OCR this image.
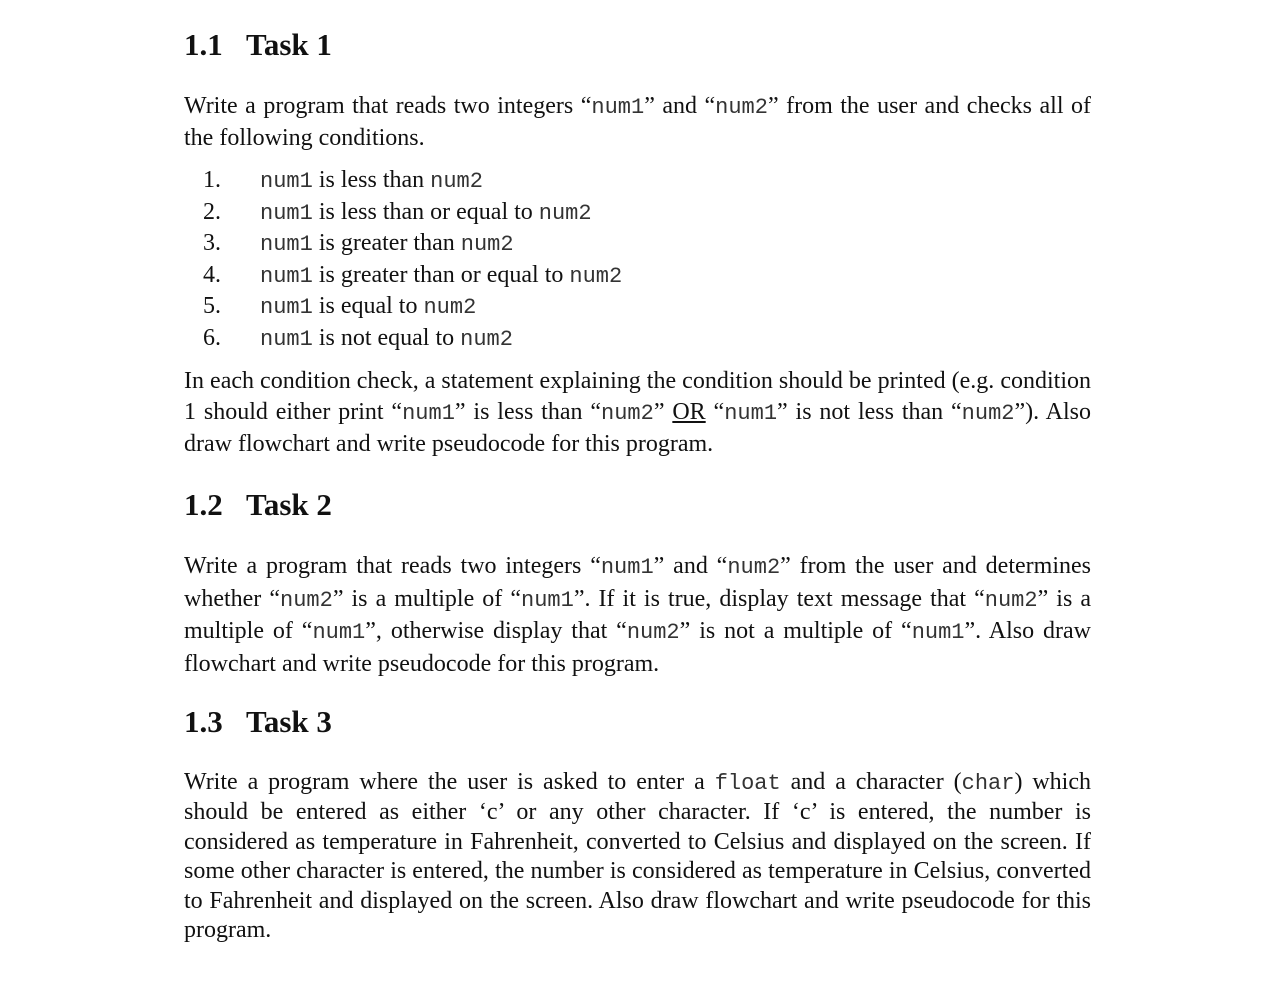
1.1 Task 1

Write a program that reads two integers “num1” and “num2” from the user and checks all of the following conditions.

1. num1 is less than num2
2. num1 is less than or equal to num2
3. num1 is greater than num2
4. num1 is greater than or equal to num2
5. num1 is equal to num2
6. num1 is not equal to num2

In each condition check, a statement explaining the condition should be printed (e.g. condition 1 should either print “num1” is less than “num2” OR “num1” is not less than “num2”). Also draw flowchart and write pseudocode for this program.

1.2 Task 2

Write a program that reads two integers “num1” and “num2” from the user and determines whether “num2” is a multiple of “num1”. If it is true, display text message that “num2” is a multiple of “num1”, otherwise display that “num2” is not a multiple of “num1”. Also draw flowchart and write pseudocode for this program.

1.3 Task 3

Write a program where the user is asked to enter a float and a character (char) which should be entered as either ‘c’ or any other character. If ‘c’ is entered, the number is considered as temperature in Fahrenheit, converted to Celsius and displayed on the screen. If some other character is entered, the number is considered as temperature in Celsius, converted to Fahrenheit and displayed on the screen. Also draw flowchart and write pseudocode for this program.
